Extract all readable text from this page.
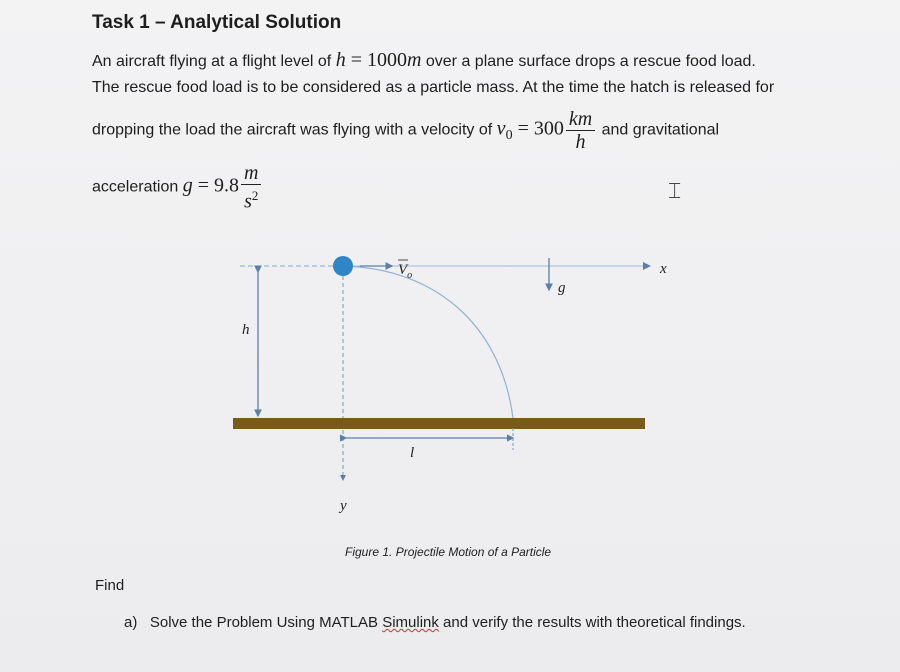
Task 1 – Analytical Solution
An aircraft flying at a flight level of h = 1000m over a plane surface drops a rescue food load.
The rescue food load is to be considered as a particle mass. At the time the hatch is released for
dropping the load the aircraft was flying with a velocity of $v_0 = 300 \frac{km}{h}$ and gravitational
acceleration $g = 9.8 \frac{m}{s^2}$	⌶
$V_o$
g
x
h
l
y
Figure 1. Projectile Motion of a Particle
Find
a) Solve the Problem Using MATLAB Simulink and verify the results with theoretical findings.
